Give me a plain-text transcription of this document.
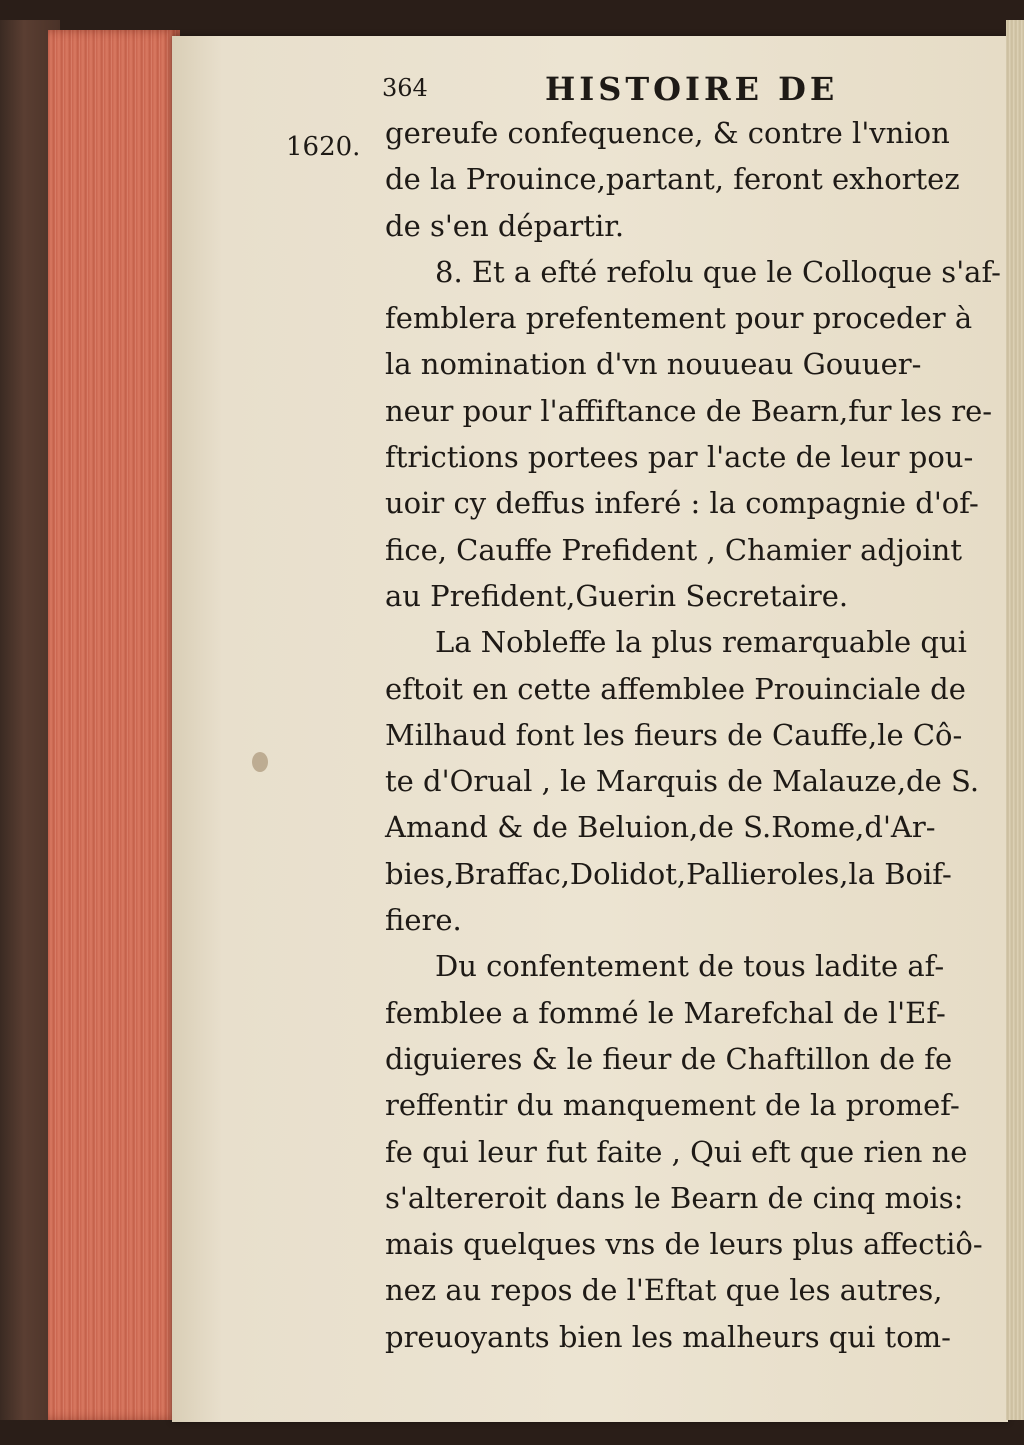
364	HISTOIRE DE
1620. gereufe confequence, & contre l'vnion
de la Prouince,partant, feront exhortez
de s'en départir.
8. Et a efté refolu que le Colloque s'af-
femblera prefentement pour proceder à
la nomination d'vn nouueau Gouuer-
neur pour l'affiftance de Bearn,fur les re-
ftrictions portees par l'acte de leur pou-
uoir cy deffus inferé : la compagnie d'of-
fice, Cauffe Prefident , Chamier adjoint
au Prefident,Guerin Secretaire.
La Nobleffe la plus remarquable qui
eftoit en cette affemblee Prouinciale de
Milhaud font les fieurs de Cauffe,le Cô-
te d'Orual , le Marquis de Malauze,de S.
Amand & de Beluion,de S.Rome,d'Ar-
bies,Braffac,Dolidot,Pallieroles,la Boif-
fiere.
Du confentement de tous ladite af-
femblee a fommé le Marefchal de l'Ef-
diguieres & le fieur de Chaftillon de fe
reffentir du manquement de la promef-
fe qui leur fut faite , Qui eft que rien ne
s'altereroit dans le Bearn de cinq mois:
mais quelques vns de leurs plus affectiô-
nez au repos de l'Eftat que les autres,
preuoyants bien les malheurs qui tom-
